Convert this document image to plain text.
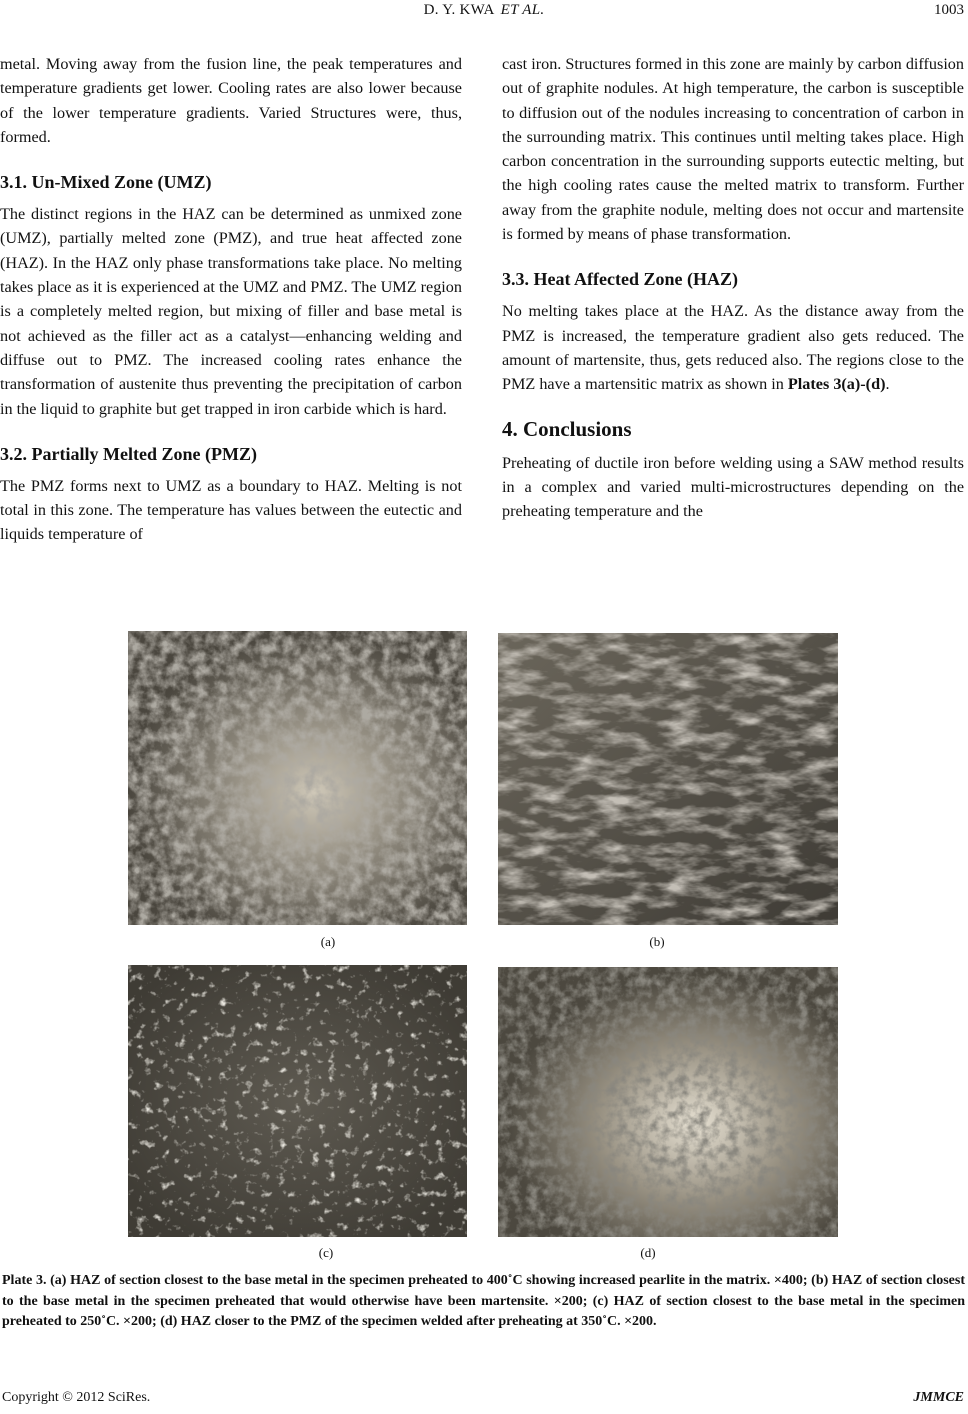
D. Y. KWA ET AL.	1003

metal. Moving away from the fusion line, the peak temperatures and temperature gradients get lower. Cooling rates are also lower because of the lower temperature gradients. Varied Structures were, thus, formed.

3.1. Un-Mixed Zone (UMZ)

The distinct regions in the HAZ can be determined as unmixed zone (UMZ), partially melted zone (PMZ), and true heat affected zone (HAZ). In the HAZ only phase transformations take place. No melting takes place as it is experienced at the UMZ and PMZ. The UMZ region is a completely melted region, but mixing of filler and base metal is not achieved as the filler act as a catalyst—enhancing welding and diffuse out to PMZ. The increased cooling rates enhance the transformation of austenite thus preventing the precipitation of carbon in the liquid to graphite but get trapped in iron carbide which is hard.

3.2. Partially Melted Zone (PMZ)

The PMZ forms next to UMZ as a boundary to HAZ. Melting is not total in this zone. The temperature has values between the eutectic and liquids temperature of

cast iron. Structures formed in this zone are mainly by carbon diffusion out of graphite nodules. At high temperature, the carbon is susceptible to diffusion out of the nodules increasing to concentration of carbon in the surrounding matrix. This continues until melting takes place. High carbon concentration in the surrounding supports eutectic melting, but the high cooling rates cause the melted matrix to transform. Further away from the graphite nodule, melting does not occur and martensite is formed by means of phase transformation.

3.3. Heat Affected Zone (HAZ)

No melting takes place at the HAZ. As the distance away from the PMZ is increased, the temperature gradient also gets reduced. The amount of martensite, thus, gets reduced also. The regions close to the PMZ have a martensitic matrix as shown in Plates 3(a)-(d).

4. Conclusions

Preheating of ductile iron before welding using a SAW method results in a complex and varied multi-microstructures depending on the preheating temperature and the

(a)	(b)
(c)	(d)
Plate 3. (a) HAZ of section closest to the base metal in the specimen preheated to 400˚C showing increased pearlite in the matrix. ×400; (b) HAZ of section closest to the base metal in the specimen preheated that would otherwise have been martensite. ×200; (c) HAZ of section closest to the base metal in the specimen preheated to 250˚C. ×200; (d) HAZ closer to the PMZ of the specimen welded after preheating at 350˚C. ×200.
Copyright © 2012 SciRes.	JMMCE
